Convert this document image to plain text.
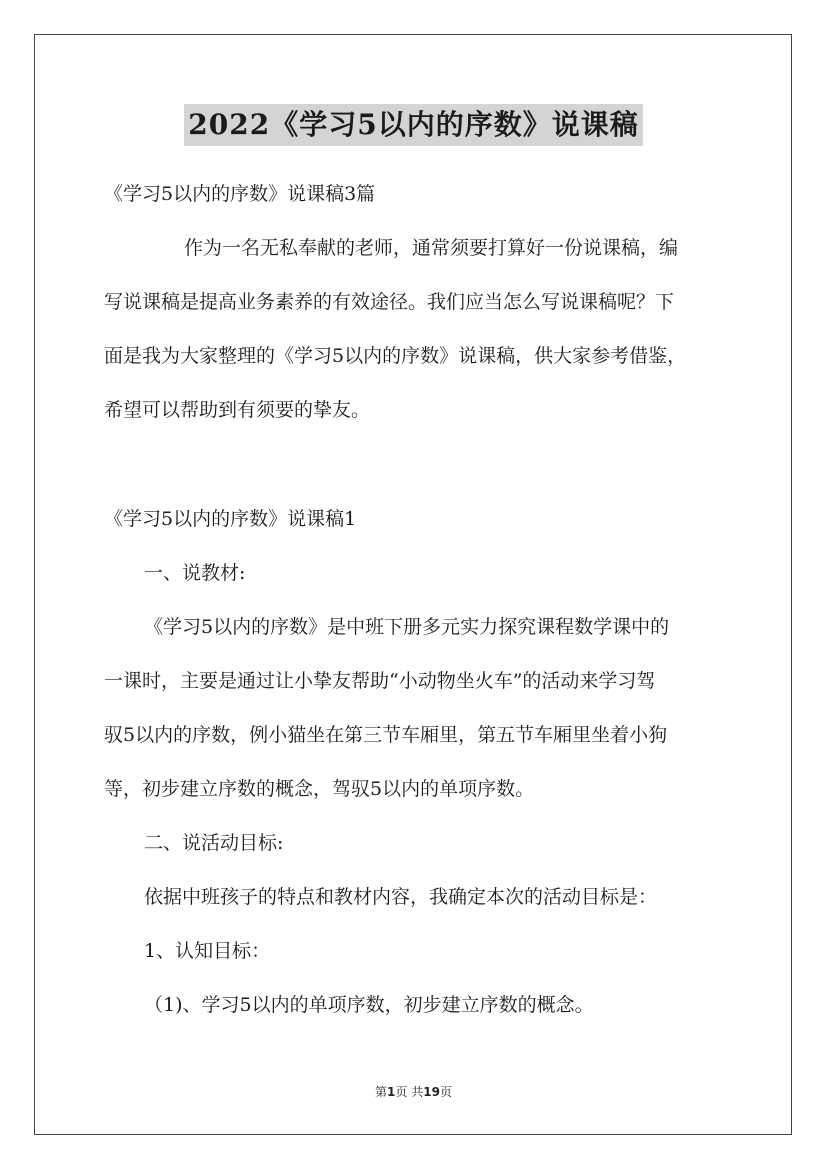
2022《学习5以内的序数》说课稿
《学习5以内的序数》说课稿3篇
作为一名无私奉献的老师，通常须要打算好一份说课稿，编
写说课稿是提高业务素养的有效途径。我们应当怎么写说课稿呢？下
面是我为大家整理的《学习5以内的序数》说课稿，供大家参考借鉴，
希望可以帮助到有须要的挚友。
《学习5以内的序数》说课稿1
一、说教材:
《学习5以内的序数》是中班下册多元实力探究课程数学课中的
一课时，主要是通过让小挚友帮助“小动物坐火车”的活动来学习驾
驭5以内的序数，例小猫坐在第三节车厢里，第五节车厢里坐着小狗
等，初步建立序数的概念，驾驭5以内的单项序数。
二、说活动目标:
依据中班孩子的特点和教材内容，我确定本次的活动目标是：
1、认知目标：
（1)、学习5以内的单项序数，初步建立序数的概念。
第1页 共19页
